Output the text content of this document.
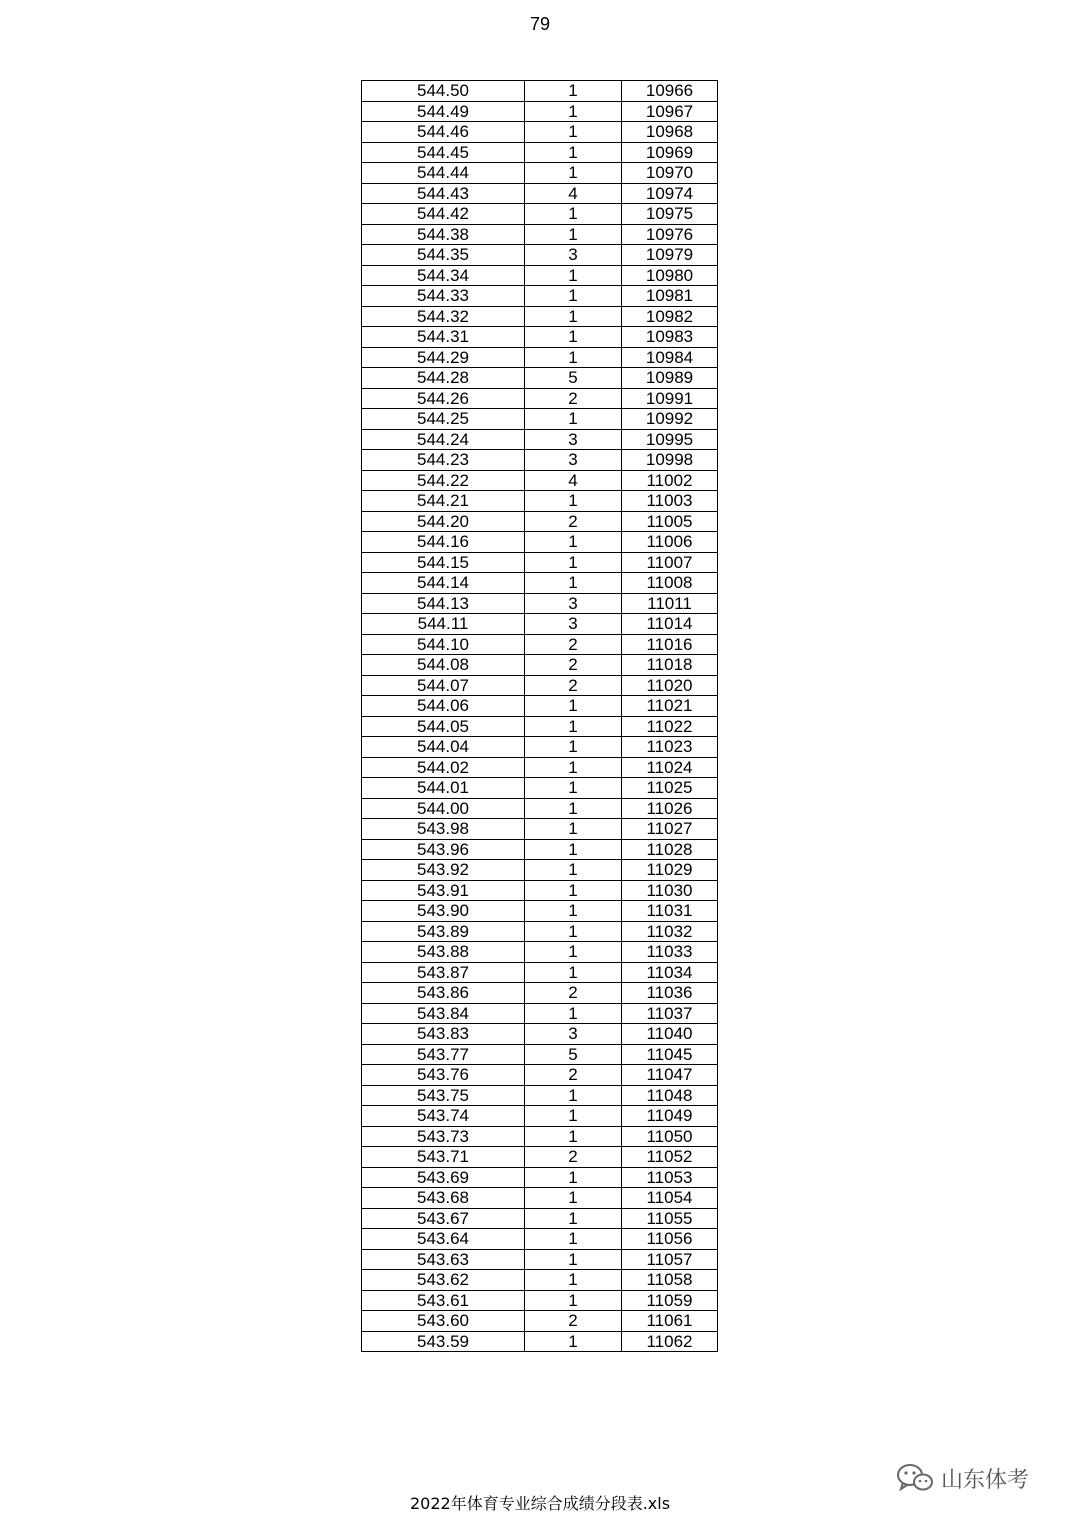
79
544.50	1	10966
544.49	1	10967
544.46	1	10968
544.45	1	10969
544.44	1	10970
544.43	4	10974
544.42	1	10975
544.38	1	10976
544.35	3	10979
544.34	1	10980
544.33	1	10981
544.32	1	10982
544.31	1	10983
544.29	1	10984
544.28	5	10989
544.26	2	10991
544.25	1	10992
544.24	3	10995
544.23	3	10998
544.22	4	11002
544.21	1	11003
544.20	2	11005
544.16	1	11006
544.15	1	11007
544.14	1	11008
544.13	3	11011
544.11	3	11014
544.10	2	11016
544.08	2	11018
544.07	2	11020
544.06	1	11021
544.05	1	11022
544.04	1	11023
544.02	1	11024
544.01	1	11025
544.00	1	11026
543.98	1	11027
543.96	1	11028
543.92	1	11029
543.91	1	11030
543.90	1	11031
543.89	1	11032
543.88	1	11033
543.87	1	11034
543.86	2	11036
543.84	1	11037
543.83	3	11040
543.77	5	11045
543.76	2	11047
543.75	1	11048
543.74	1	11049
543.73	1	11050
543.71	2	11052
543.69	1	11053
543.68	1	11054
543.67	1	11055
543.64	1	11056
543.63	1	11057
543.62	1	11058
543.61	1	11059
543.60	2	11061
543.59	1	11062
山东体考
2022年体育专业综合成绩分段表.xls
